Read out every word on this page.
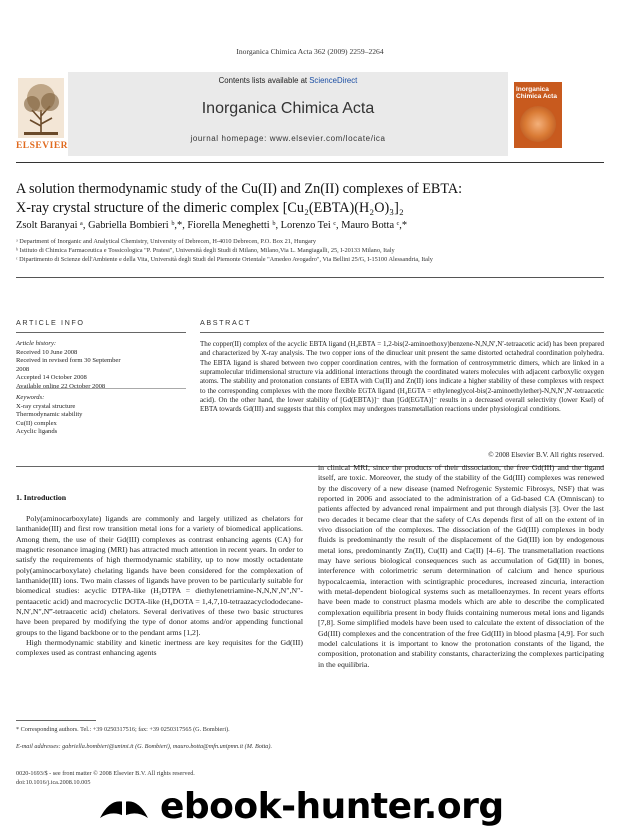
Inorganica Chimica Acta 362 (2009) 2259–2264
ELSEVIER
Contents lists available at ScienceDirect
Inorganica Chimica Acta
journal homepage: www.elsevier.com/locate/ica
Inorganica Chimica Acta
A solution thermodynamic study of the Cu(II) and Zn(II) complexes of EBTA:
X-ray crystal structure of the dimeric complex [Cu₂(EBTA)(H₂O)₃]₂
Zsolt Baranyai ᵃ, Gabriella Bombieri ᵇ,*, Fiorella Meneghetti ᵇ, Lorenzo Tei ᶜ, Mauro Botta ᶜ,*
ᵃ Department of Inorganic and Analytical Chemistry, University of Debrecen, H-4010 Debrecen, P.O. Box 21, Hungary
ᵇ Istituto di Chimica Farmaceutica e Tossicologica "P. Pratesi", Università degli Studi di Milano, Milano,Via L. Mangiagalli, 25, I-20133 Milano, Italy
ᶜ Dipartimento di Scienze dell'Ambiente e della Vita, Università degli Studi del Piemonte Orientale "Amedeo Avogadro", Via Bellini 25/G, I-15100 Alessandria, Italy
ARTICLE INFO
Article history:
Received 10 June 2008
Received in revised form 30 September
2008
Accepted 14 October 2008
Available online 22 October 2008
Keywords:
X-ray crystal structure
Thermodynamic stability
Cu(II) complex
Acyclic ligands
ABSTRACT
The copper(II) complex of the acyclic EBTA ligand (H₄EBTA = 1,2-bis(2-aminoethoxy)benzene-N,N,N′,N′-tetraacetic acid) has been prepared and characterized by X-ray analysis. The two copper ions of the dinuclear unit present the same distorted octahedral coordination polyhedra. The EBTA ligand is shared between two copper coordination centres, with the formation of centrosymmetric dimers, which are linked in a supramolecular tridimensional structure via additional interactions through the coordinated waters molecules with adjacent carboxylic oxygen atoms. The stability and protonation constants of EBTA with Cu(II) and Zn(II) ions indicate a higher stability of these complexes with respect to the corresponding complexes with the more flexible EGTA ligand (H₄EGTA = ethyleneglycol-bis(2-aminoethylether)-N,N,N′,N′-tetraacetic acid). On the other hand, the lower stability of [Gd(EBTA)]⁻ than [Gd(EGTA)]⁻ results in a decreased overall selectivity (lower Ksel) of EBTA towards Gd(III) and suggests that this complex may undergoes transmetallation reactions under physiological conditions.
© 2008 Elsevier B.V. All rights reserved.
1. Introduction

Poly(aminocarboxylate) ligands are commonly and largely utilized as chelators for lanthanide(III) and first row transition metal ions for a variety of biomedical applications. Among them, the use of their Gd(III) complexes as contrast enhancing agents (CA) for magnetic resonance imaging (MRI) has attracted much attention in recent years. In order to satisfy the requirements of high thermodynamic stability, up to now mostly octadentate poly(aminocarboxylate) chelating ligands have been considered for the complexation of lanthanide(III) ions. Two main classes of ligands have proven to be particularly suitable for biomedical studies: acyclic DTPA-like (H₅DTPA = diethylenetriamine-N,N,N′,N″,N″-pentaacetic acid) and macrocyclic DOTA-like (H₄DOTA = 1,4,7,10-tetraazacyclododecane-N,N′,N″,N‴-tetraacetic acid) chelators. Several derivatives of these two basic structures have been prepared by modifying the type of donor atoms and/or appending functional groups to the ligand backbone or to the pendant arms [1,2].

High thermodynamic stability and kinetic inertness are key requisites for the Gd(III) complexes used as contrast enhancing agents

in clinical MRI, since the products of their dissociation, the free Gd(III) and the ligand itself, are toxic. Moreover, the study of the stability of the Gd(III) complexes was renewed by the discovery of a new disease (named Nefrogenic Systemic Fibrosys, NSF) that was reported in 2006 and associated to the administration of a Gd-based CA (Omniscan) to patients affected by advanced renal impairment and put through dialysis [3]. Over the last two decades it became clear that the safety of CAs depends first of all on the extent of in vivo dissociation of the complexes. The dissociation of the Gd(III) complexes in body fluids is predominantly the result of the displacement of the Gd(III) ion by endogenous metal ions, predominantly Zn(II), Cu(II) and Ca(II) [4–6]. The transmetallation reactions may have serious biological consequences such as accumulation of Gd(III) in bones, interference with colorimetric serum determination of calcium and hence spurious hypocalcaemia, interaction with scintigraphic procedures, increased zincuria, interaction with metal-dependent biological systems such as metalloenzymes. In recent years efforts have been made to construct plasma models which are able to describe the complicated complexation equilibria present in body fluids containing numerous metal ions and ligands [7,8]. Some simplified models have been used to calculate the extent of dissociation of the Gd(III) complexes and the concentration of the free Gd(III) in blood plasma [4,9]. For such model calculations it is important to know the protonation constants of the ligand, the composition, protonation and stability constants, characterizing the complexes participating in the equilibria.

* Corresponding authors. Tel.: +39 0250317516; fax: +39 0250317565 (G. Bombieri).
E-mail addresses: gabriella.bombieri@unimi.it (G. Bombieri), mauro.botta@mfn.unipmn.it (M. Botta).
0020-1693/$ - see front matter © 2008 Elsevier B.V. All rights reserved.
doi:10.1016/j.ica.2008.10.005
ebook-hunter.org
